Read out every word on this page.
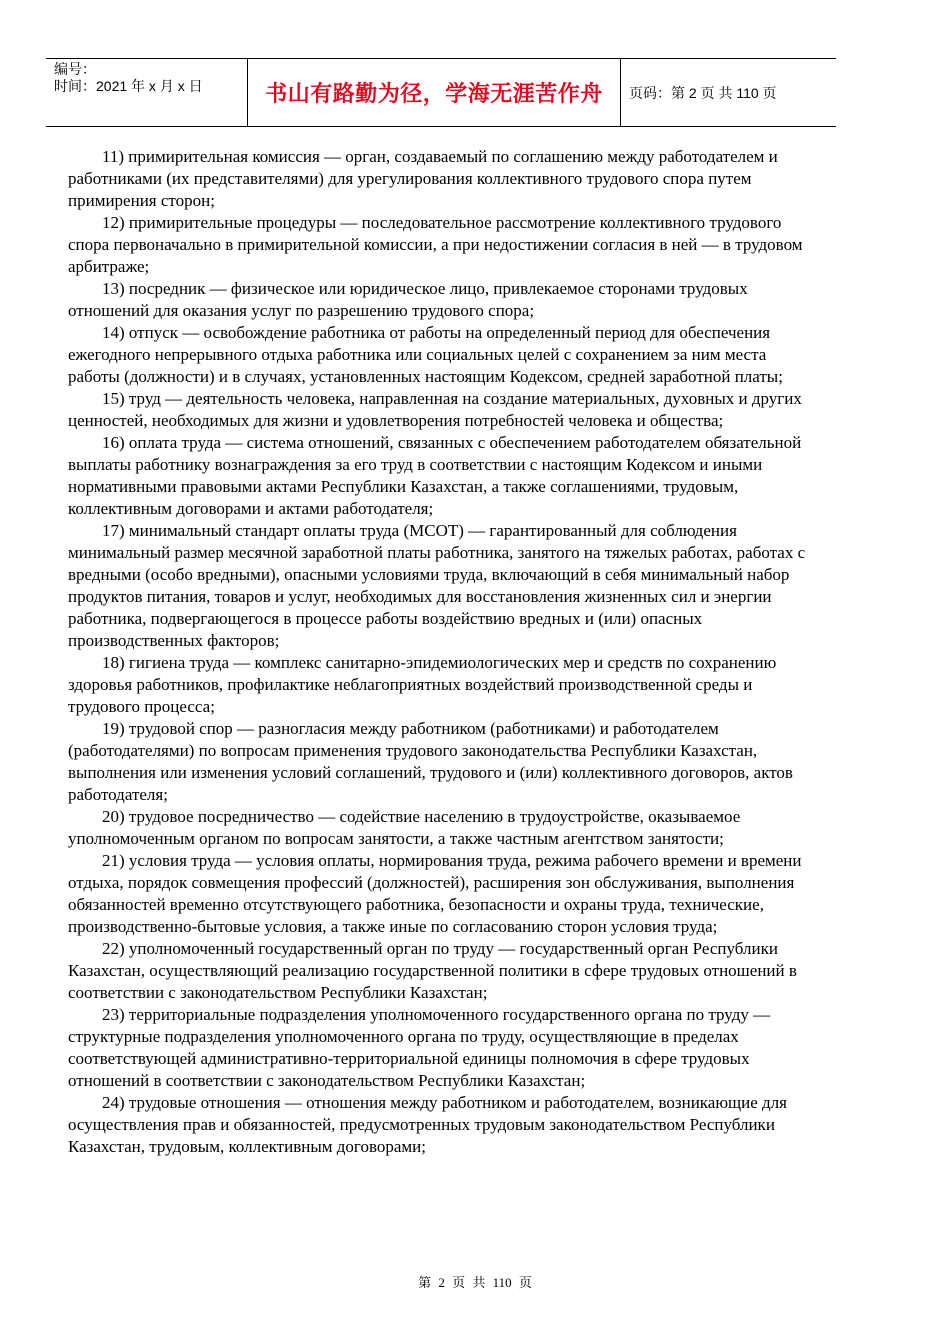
编号：
时间：2021 年 x 月 x 日	书山有路勤为径，学海无涯苦作舟	页码：第 2 页 共 110 页

11) примирительная комиссия — орган, создаваемый по соглашению между работодателем и работниками (их представителями) для урегулирования коллективного трудового спора путем примирения сторон;

12) примирительные процедуры — последовательное рассмотрение коллективного трудового спора первоначально в примирительной комиссии, а при недостижении согласия в ней — в трудовом арбитраже;

13) посредник — физическое или юридическое лицо, привлекаемое сторонами трудовых отношений для оказания услуг по разрешению трудового спора;

14) отпуск — освобождение работника от работы на определенный период для обеспечения ежегодного непрерывного отдыха работника или социальных целей с сохранением за ним места работы (должности) и в случаях, установленных настоящим Кодексом, средней заработной платы;

15) труд — деятельность человека, направленная на создание материальных, духовных и других ценностей, необходимых для жизни и удовлетворения потребностей человека и общества;

16) оплата труда — система отношений, связанных с обеспечением работодателем обязательной выплаты работнику вознаграждения за его труд в соответствии с настоящим Кодексом и иными нормативными правовыми актами Республики Казахстан, а также соглашениями, трудовым, коллективным договорами и актами работодателя;

17) минимальный стандарт оплаты труда (МСОТ) — гарантированный для соблюдения минимальный размер месячной заработной платы работника, занятого на тяжелых работах, работах с вредными (особо вредными), опасными условиями труда, включающий в себя минимальный набор продуктов питания, товаров и услуг, необходимых для восстановления жизненных сил и энергии работника, подвергающегося в процессе работы воздействию вредных и (или) опасных производственных факторов;

18) гигиена труда — комплекс санитарно-эпидемиологических мер и средств по сохранению здоровья работников, профилактике неблагоприятных воздействий производственной среды и трудового процесса;

19) трудовой спор — разногласия между работником (работниками) и работодателем (работодателями) по вопросам применения трудового законодательства Республики Казахстан, выполнения или изменения условий соглашений, трудового и (или) коллективного договоров, актов работодателя;

20) трудовое посредничество — содействие населению в трудоустройстве, оказываемое уполномоченным органом по вопросам занятости, а также частным агентством занятости;

21) условия труда — условия оплаты, нормирования труда, режима рабочего времени и времени отдыха, порядок совмещения профессий (должностей), расширения зон обслуживания, выполнения обязанностей временно отсутствующего работника, безопасности и охраны труда, технические, производственно-бытовые условия, а также иные по согласованию сторон условия труда;

22) уполномоченный государственный орган по труду — государственный орган Республики Казахстан, осуществляющий реализацию государственной политики в сфере трудовых отношений в соответствии с законодательством Республики Казахстан;

23) территориальные подразделения уполномоченного государственного органа по труду — структурные подразделения уполномоченного органа по труду, осуществляющие в пределах соответствующей административно-территориальной единицы полномочия в сфере трудовых отношений в соответствии с законодательством Республики Казахстан;

24) трудовые отношения — отношения между работником и работодателем, возникающие для осуществления прав и обязанностей, предусмотренных трудовым законодательством Республики Казахстан, трудовым, коллективным договорами;

第 2 页 共 110 页
